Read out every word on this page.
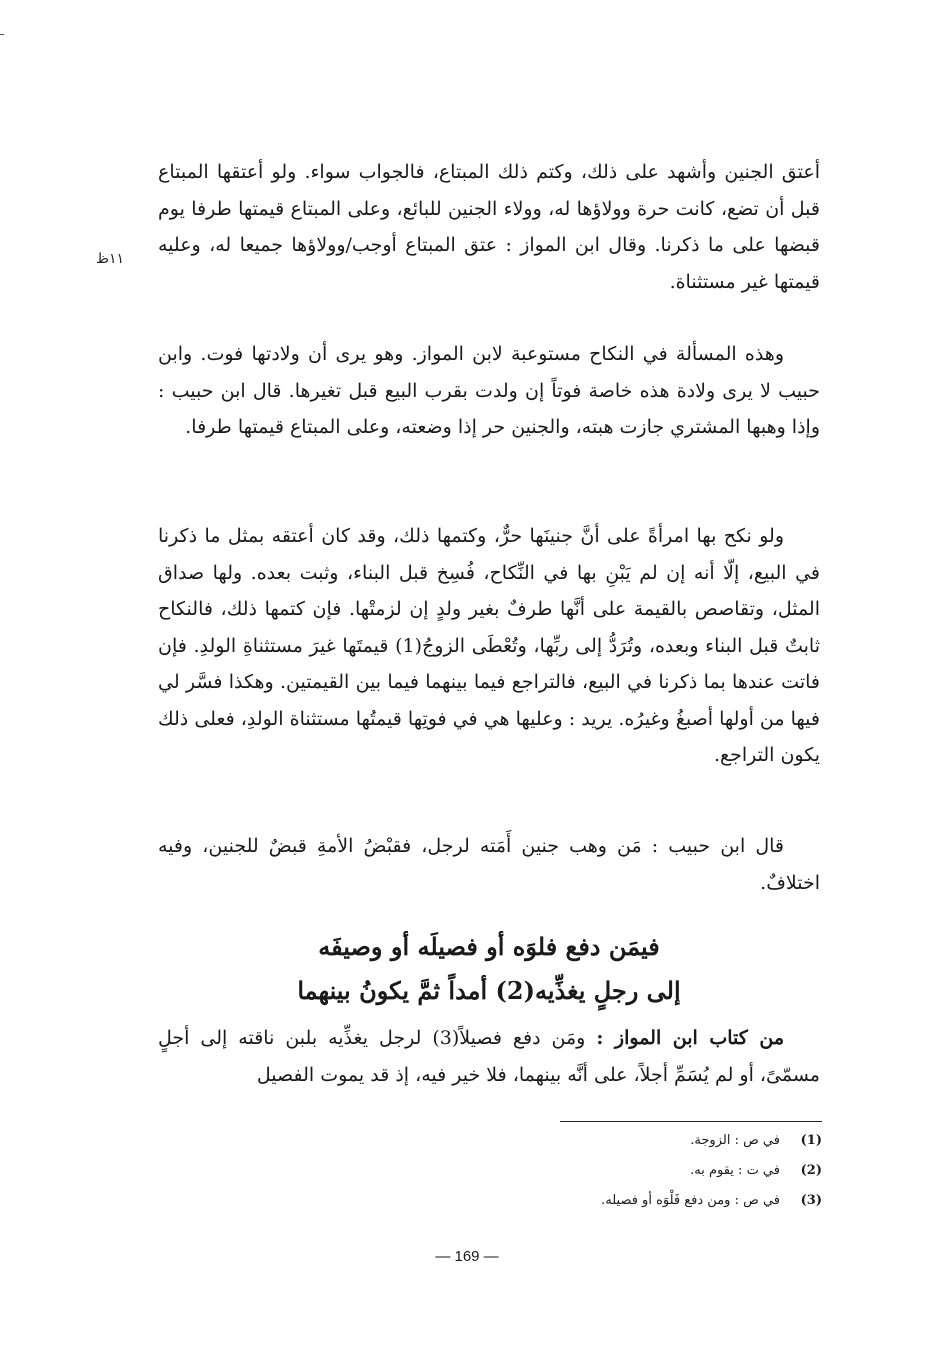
١١ظ

أعتق الجنين وأشهد على ذلك، وكتم ذلك المبتاع، فالجواب سواء. ولو أعتقها المبتاع قبل أن تضع، كانت حرة وولاؤها له، وولاء الجنين للبائع، وعلى المبتاع قيمتها طرفا يوم قبضها على ما ذكرنا. وقال ابن المواز : عتق المبتاع أوجب/وولاؤها جميعا له، وعليه قيمتها غير مستثناة.

وهذه المسألة في النكاح مستوعبة لابن المواز. وهو يرى أن ولادتها فوت. وابن حبيب لا يرى ولادة هذه خاصة فوتاً إن ولدت بقرب البيع قبل تغيرها. قال ابن حبيب : وإذا وهبها المشتري جازت هبته، والجنين حر إذا وضعته، وعلى المبتاع قيمتها طرفا.

ولو نكح بها امرأةً على أنَّ جنينَها حرٌّ، وكتمها ذلك، وقد كان أعتقه بمثل ما ذكرنا في البيع، إلّا أنه إن لم يَبْنِ بها في النِّكاح، فُسِخ قبل البناء، وثبت بعده. ولها صداق المثل، وتقاصص بالقيمة على أنَّها طرفٌ بغير ولدٍ إن لزمتْها. فإن كتمها ذلك، فالنكاح ثابتٌ قبل البناء وبعده، وتُرَدُّ إلى ربِّها، وتُعْطَى الزوجُ(1) قيمتَها غيرَ مستثناةِ الولدِ. فإن فاتت عندها بما ذكرنا في البيع، فالتراجع فيما بينهما فيما بين القيمتين. وهكذا فسَّر لي فيها من أولها أصبغُ وغيرُه. يريد : وعليها هي في فوتِها قيمتُها مستثناة الولدِ، فعلى ذلك يكون التراجع.

قال ابن حبيب : مَن وهب جنين أَمَته لرجل، فقبْضُ الأمةِ قبضٌ للجنين، وفيه اختلافٌ.

فيمَن دفع فلوَه أو فصيلَه أو وصيفَه
إلى رجلٍ يغذِّيه(2) أمداً ثمَّ يكونُ بينهما

من كتاب ابن المواز : ومَن دفع فصيلاً(3) لرجل يغذِّيه بلبن ناقته إلى أجلٍ مسمّىً، أو لم يُسَمِّ أجلاً، على أنَّه بينهما، فلا خير فيه، إذ قد يموت الفصيل

(1)في ص : الزوجة.
(2)في ت : يقوم به.
(3)في ص : ومن دفع فَلْوَه أو فصيله.
— 169 —
